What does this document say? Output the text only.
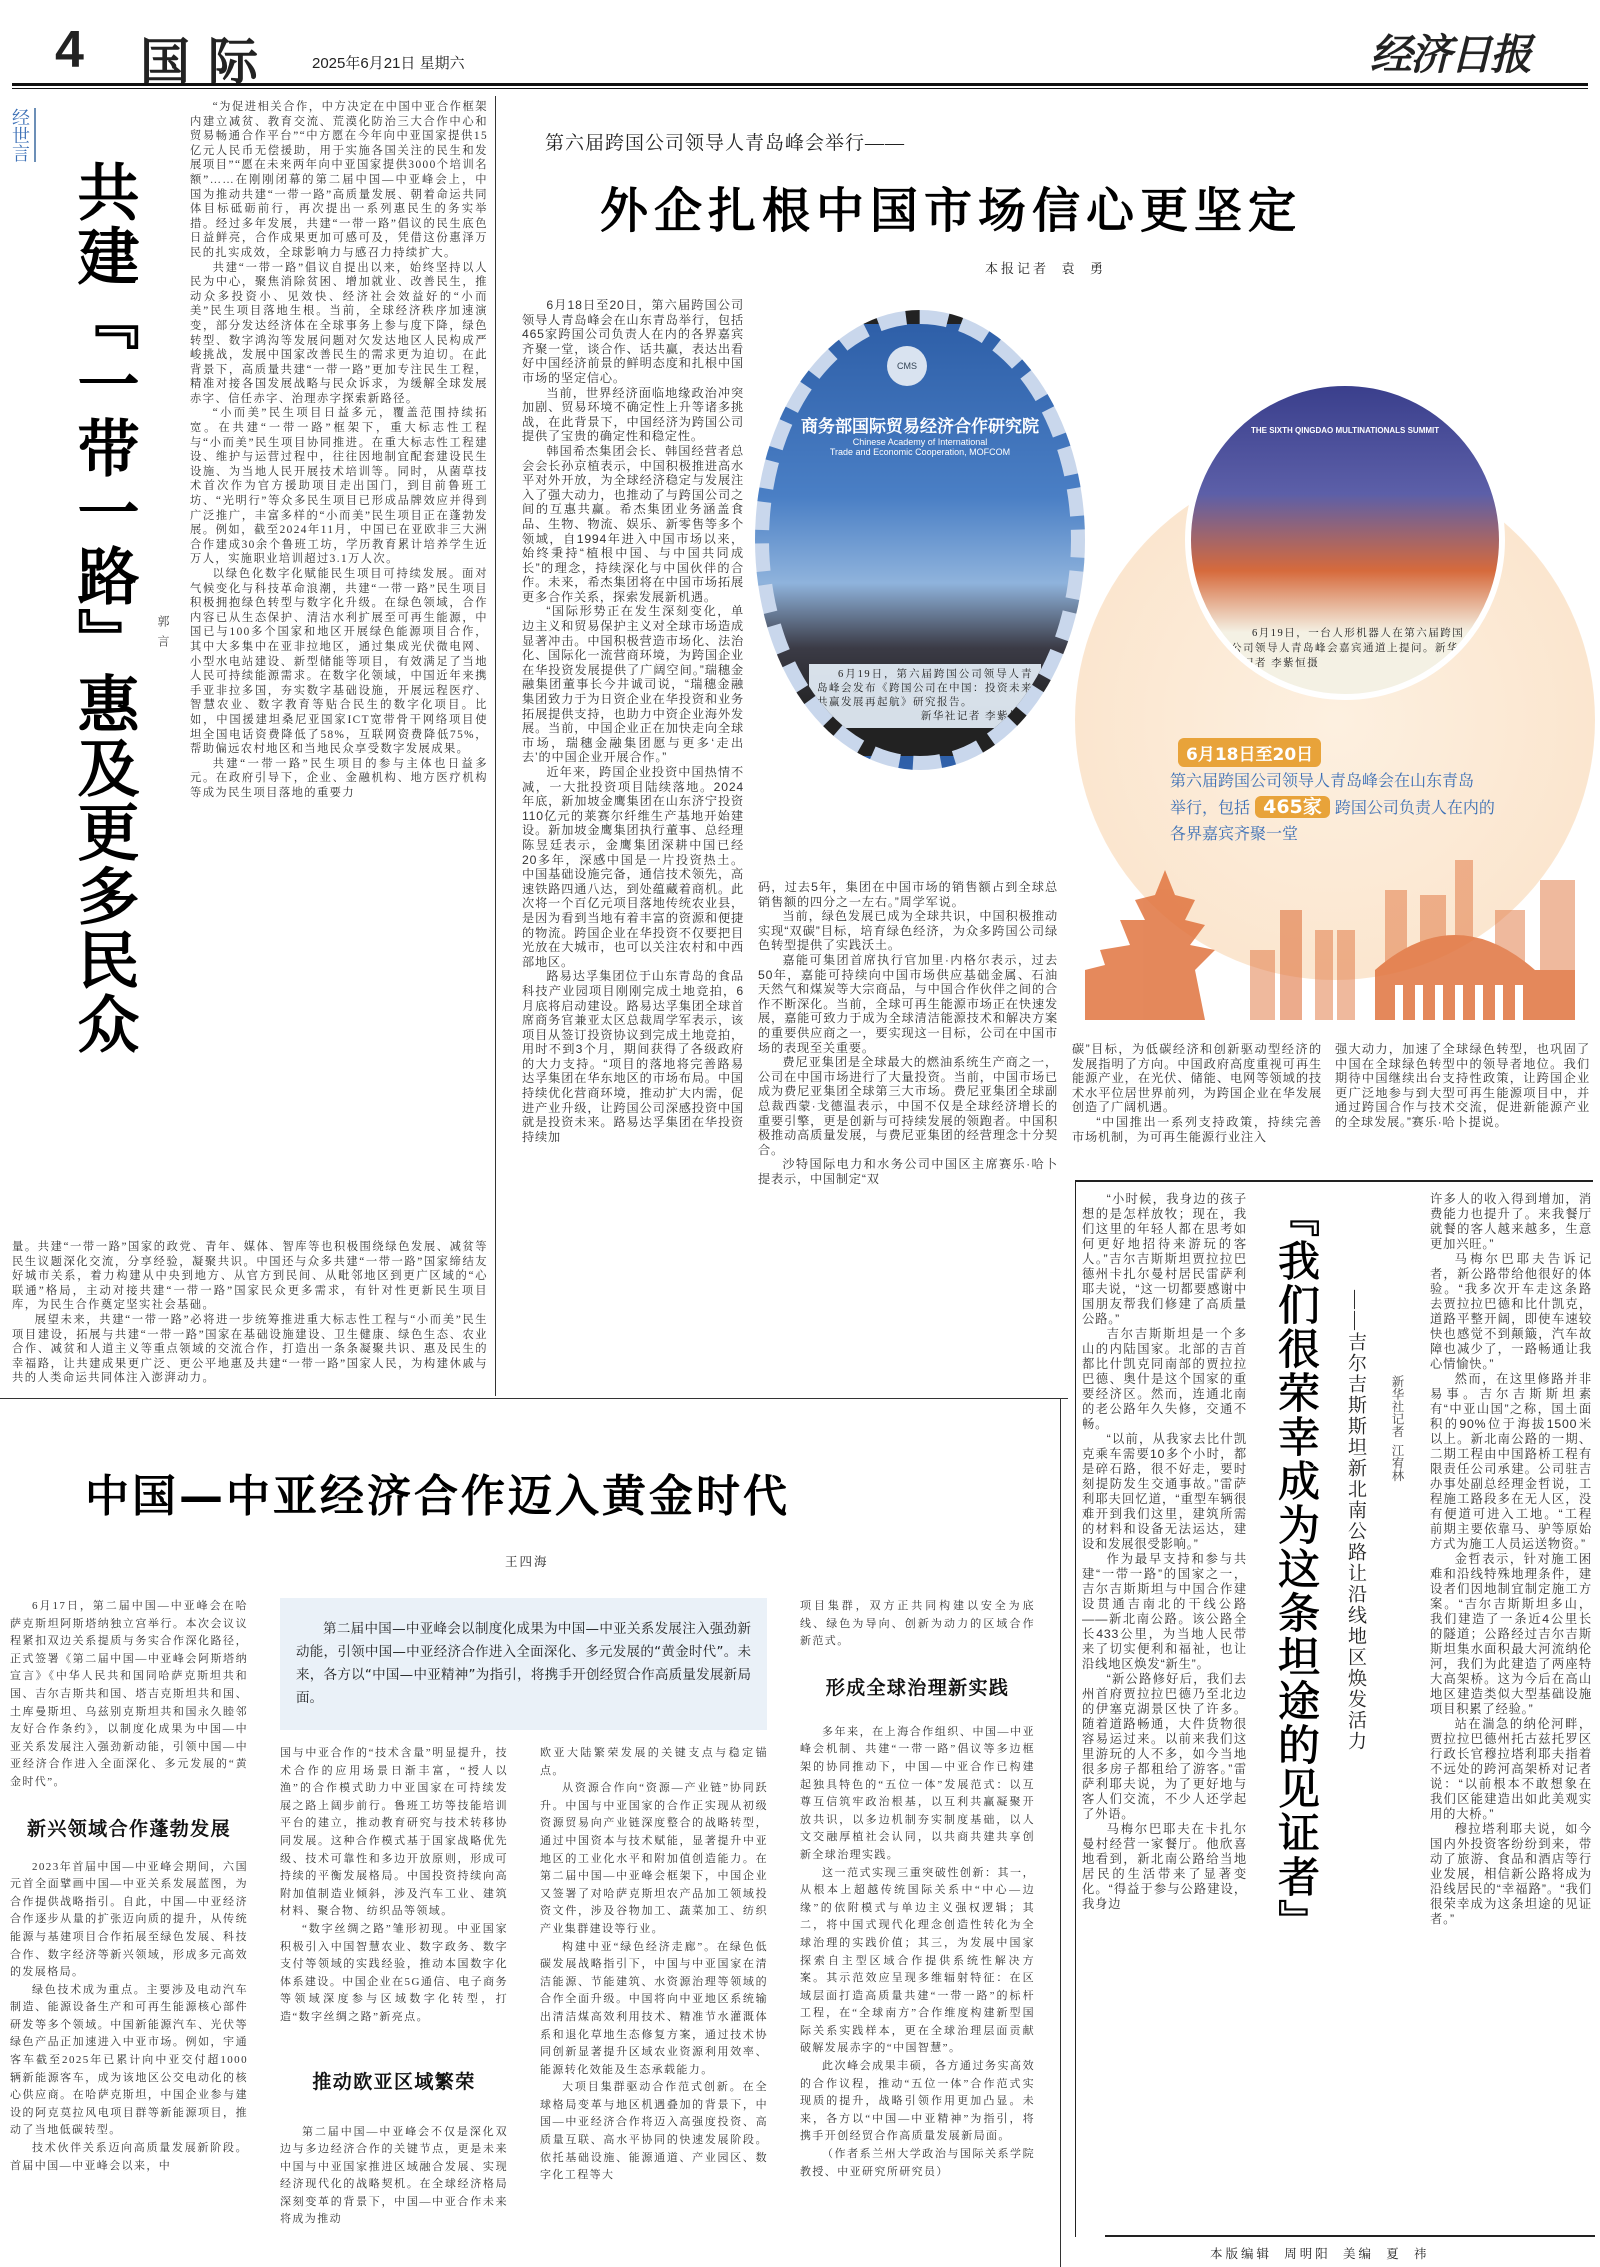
4 国际 2025年6月21日 星期六	经济日报
经世言
共建『一带一路』惠及更多民众 郭言

“为促进相关合作，中方决定在中国中亚合作框架内建立减贫、教育交流、荒漠化防治三大合作中心和贸易畅通合作平台”“中方愿在今年向中亚国家提供15亿元人民币无偿援助，用于实施各国关注的民生和发展项目”“愿在未来两年向中亚国家提供3000个培训名额”……在刚刚闭幕的第二届中国—中亚峰会上，中国为推动共建“一带一路”高质量发展、朝着命运共同体目标砥砺前行，再次提出一系列惠民生的务实举措。经过多年发展，共建“一带一路”倡议的民生底色日益鲜亮，合作成果更加可感可及，凭借这份惠泽万民的扎实成效，全球影响力与感召力持续扩大。

共建“一带一路”倡议自提出以来，始终坚持以人民为中心，聚焦消除贫困、增加就业、改善民生，推动众多投资小、见效快、经济社会效益好的“小而美”民生项目落地生根。当前，全球经济秩序加速演变，部分发达经济体在全球事务上参与度下降，绿色转型、数字鸿沟等发展问题对欠发达地区人民构成严峻挑战，发展中国家改善民生的需求更为迫切。在此背景下，高质量共建“一带一路”更加专注民生工程，精准对接各国发展战略与民众诉求，为缓解全球发展赤字、信任赤字、治理赤字探索新路径。

“小而美”民生项目日益多元，覆盖范围持续拓宽。在共建“一带一路”框架下，重大标志性工程与“小而美”民生项目协同推进。在重大标志性工程建设、维护与运营过程中，往往因地制宜配套建设民生设施、为当地人民开展技术培训等。同时，从菌草技术首次作为官方援助项目走出国门，到目前鲁班工坊、“光明行”等众多民生项目已形成品牌效应并得到广泛推广，丰富多样的“小而美”民生项目正在蓬勃发展。例如，截至2024年11月，中国已在亚欧非三大洲合作建成30余个鲁班工坊，学历教育累计培养学生近万人，实施职业培训超过3.1万人次。

以绿色化数字化赋能民生项目可持续发展。面对气候变化与科技革命浪潮，共建“一带一路”民生项目积极拥抱绿色转型与数字化升级。在绿色领域，合作内容已从生态保护、清洁水利扩展至可再生能源，中国已与100多个国家和地区开展绿色能源项目合作，其中大多集中在亚非拉地区，通过集成光伏微电网、小型水电站建设、新型储能等项目，有效满足了当地人民可持续能源需求。在数字化领域，中国近年来携手亚非拉多国，夯实数字基础设施，开展远程医疗、智慧农业、数字教育等贴合民生的数字化项目。比如，中国援建坦桑尼亚国家ICT宽带骨干网络项目使坦全国电话资费降低了58%，互联网资费降低75%，帮助偏远农村地区和当地民众享受数字发展成果。

共建“一带一路”民生项目的参与主体也日益多元。在政府引导下，企业、金融机构、地方医疗机构等成为民生项目落地的重要力

量。共建“一带一路”国家的政党、青年、媒体、智库等也积极围绕绿色发展、减贫等民生议题深化交流，分享经验，凝聚共识。中国还与众多共建“一带一路”国家缔结友好城市关系，着力构建从中央到地方、从官方到民间、从毗邻地区到更广区域的“心联通”格局，主动对接共建“一带一路”国家民众更多需求，有针对性更新民生项目库，为民生合作奠定坚实社会基础。

展望未来，共建“一带一路”必将进一步统筹推进重大标志性工程与“小而美”民生项目建设，拓展与共建“一带一路”国家在基础设施建设、卫生健康、绿色生态、农业合作、减贫和人道主义等重点领域的交流合作，打造出一条条凝聚共识、惠及民生的幸福路，让共建成果更广泛、更公平地惠及共建“一带一路”国家人民，为构建休戚与共的人类命运共同体注入澎湃动力。

第六届跨国公司领导人青岛峰会举行——
外企扎根中国市场信心更坚定
本报记者  袁  勇

6月18日至20日，第六届跨国公司领导人青岛峰会在山东青岛举行，包括465家跨国公司负责人在内的各界嘉宾齐聚一堂，谈合作、话共赢，表达出看好中国经济前景的鲜明态度和扎根中国市场的坚定信心。

当前，世界经济面临地缘政治冲突加剧、贸易环境不确定性上升等诸多挑战，在此背景下，中国经济为跨国公司提供了宝贵的确定性和稳定性。

韩国希杰集团会长、韩国经营者总会会长孙京植表示，中国积极推进高水平对外开放，为全球经济稳定与发展注入了强大动力，也推动了与跨国公司之间的互惠共赢。希杰集团业务涵盖食品、生物、物流、娱乐、新零售等多个领域，自1994年进入中国市场以来，始终秉持“植根中国、与中国共同成长”的理念，持续深化与中国伙伴的合作。未来，希杰集团将在中国市场拓展更多合作关系，探索发展新机遇。

“国际形势正在发生深刻变化，单边主义和贸易保护主义对全球市场造成显著冲击。中国积极营造市场化、法治化、国际化一流营商环境，为跨国企业在华投资发展提供了广阔空间。”瑞穗金融集团董事长今井诚司说，“瑞穗金融集团致力于为日资企业在华投资和业务拓展提供支持，也助力中资企业海外发展。当前，中国企业正在加快走向全球市场，瑞穗金融集团愿与更多‘走出去’的中国企业开展合作。”

近年来，跨国企业投资中国热情不减，一大批投资项目陆续落地。2024年底，新加坡金鹰集团在山东济宁投资110亿元的莱赛尔纤维生产基地开始建设。新加坡金鹰集团执行董事、总经理陈昱廷表示，金鹰集团深耕中国已经20多年，深感中国是一片投资热土。中国基础设施完备，通信技术领先，高速铁路四通八达，到处蕴藏着商机。此次将一个百亿元项目落地传统农业县，是因为看到当地有着丰富的资源和便捷的物流。跨国企业在华投资不仅要把目光放在大城市，也可以关注农村和中西部地区。

路易达孚集团位于山东青岛的食品科技产业园项目刚刚完成土地竞拍，6月底将启动建设。路易达孚集团全球首席商务官兼亚太区总裁周学军表示，该项目从签订投资协议到完成土地竞拍，用时不到3个月，期间获得了各级政府的大力支持。“项目的落地将完善路易达孚集团在华东地区的市场布局。中国持续优化营商环境，推动扩大内需，促进产业升级，让跨国公司深感投资中国就是投资未来。路易达孚集团在华投资持续加

CMS
商务部国际贸易经济合作研究院
Chinese Academy of International
Trade and Economic Cooperation, MOFCOM
6月19日，第六届跨国公司领导人青岛峰会发布《跨国公司在中国：投资未来共赢发展再起航》研究报告。
新华社记者 李紫恒摄
THE SIXTH QINGDAO MULTINATIONALS SUMMIT
6月19日，一台人形机器人在第六届跨国公司领导人青岛峰会嘉宾通道上提问。新华社记者 李紫恒摄
6月18日至20日
第六届跨国公司领导人青岛峰会在山东青岛
举行，包括 465家 跨国公司负责人在内的
各界嘉宾齐聚一堂

码，过去5年，集团在中国市场的销售额占到全球总销售额的四分之一左右。”周学军说。

当前，绿色发展已成为全球共识，中国积极推动实现“双碳”目标，培育绿色经济，为众多跨国公司绿色转型提供了实践沃土。

嘉能可集团首席执行官加里·内格尔表示，过去50年，嘉能可持续向中国市场供应基础金属、石油天然气和煤炭等大宗商品，与中国合作伙伴之间的合作不断深化。当前，全球可再生能源市场正在快速发展，嘉能可致力于成为全球清洁能源技术和解决方案的重要供应商之一，要实现这一目标，公司在中国市场的表现至关重要。

费尼亚集团是全球最大的燃油系统生产商之一，公司在中国市场进行了大量投资。当前，中国市场已成为费尼亚集团全球第三大市场。费尼亚集团全球副总裁西蒙·戈德温表示，中国不仅是全球经济增长的重要引擎，更是创新与可持续发展的领跑者。中国积极推动高质量发展，与费尼亚集团的经营理念十分契合。

沙特国际电力和水务公司中国区主席赛乐·哈卜提表示，中国制定“双

碳”目标，为低碳经济和创新驱动型经济的发展指明了方向。中国政府高度重视可再生能源产业，在光伏、储能、电网等领域的技术水平位居世界前列，为跨国企业在华发展创造了广阔机遇。

“中国推出一系列支持政策，持续完善市场机制，为可再生能源行业注入

强大动力，加速了全球绿色转型，也巩固了中国在全球绿色转型中的领导者地位。我们期待中国继续出台支持性政策，让跨国企业更广泛地参与到大型可再生能源项目中，并通过跨国合作与技术交流，促进新能源产业的全球发展。”赛乐·哈卜提说。

“小时候，我身边的孩子想的是怎样放牧；现在，我们这里的年轻人都在思考如何更好地招待来游玩的客人。”吉尔吉斯斯坦贾拉拉巴德州卡扎尔曼村居民雷萨利耶夫说，“这一切都要感谢中国朋友帮我们修建了高质量公路。”

吉尔吉斯斯坦是一个多山的内陆国家。北部的吉首都比什凯克同南部的贾拉拉巴德、奥什是这个国家的重要经济区。然而，连通北南的老公路年久失修，交通不畅。

“以前，从我家去比什凯克乘车需要10多个小时，都是碎石路，很不好走，要时刻提防发生交通事故。”雷萨利耶夫回忆道，“重型车辆很难开到我们这里，建筑所需的材料和设备无法运达，建设和发展很受影响。”

作为最早支持和参与共建“一带一路”的国家之一，吉尔吉斯斯坦与中国合作建设贯通吉南北的干线公路——新北南公路。该公路全长433公里，为当地人民带来了切实便利和福祉，也让沿线地区焕发“新生”。

“新公路修好后，我们去州首府贾拉拉巴德乃至北边的伊塞克湖景区快了许多。随着道路畅通，大件货物很容易运过来。以前来我们这里游玩的人不多，如今当地很多房子都租给了游客。”雷萨利耶夫说，为了更好地与客人们交流，不少人还学起了外语。

马梅尔巴耶夫在卡扎尔曼村经营一家餐厅。他欣喜地看到，新北南公路给当地居民的生活带来了显著变化。“得益于参与公路建设，我身边	『我们很荣幸成为这条坦途的见证者』 ——吉尔吉斯斯坦新北南公路让沿线地区焕发活力 新华社记者  江宥林

许多人的收入得到增加，消费能力也提升了。来我餐厅就餐的客人越来越多，生意更加兴旺。”

马梅尔巴耶夫告诉记者，新公路带给他很好的体验。“我多次开车走这条路去贾拉拉巴德和比什凯克，道路平整开阔，即使车速较快也感觉不到颠簸，汽车故障也减少了，一路畅通让我心情愉快。”

然而，在这里修路并非易事。吉尔吉斯斯坦素有“中亚山国”之称，国土面积的90%位于海拔1500米以上。新北南公路的一期、二期工程由中国路桥工程有限责任公司承建。公司驻吉办事处副总经理金哲说，工程施工路段多在无人区，没有便道可进入工地。“工程前期主要依靠马、驴等原始方式为施工人员运送物资。”

金哲表示，针对施工困难和沿线特殊地理条件，建设者们因地制宜制定施工方案。“吉尔吉斯斯坦多山，我们建造了一条近4公里长的隧道；公路经过吉尔吉斯斯坦集水面积最大河流纳伦河，我们为此建造了两座特大高架桥。这为今后在高山地区建造类似大型基础设施项目积累了经验。”

站在湍急的纳伦河畔，贾拉拉巴德州托古兹托罗区行政长官穆拉塔利耶夫指着不远处的跨河高架桥对记者说：“以前根本不敢想象在我们区能建造出如此美观实用的大桥。”

穆拉塔利耶夫说，如今国内外投资客纷纷到来，带动了旅游、食品和酒店等行业发展，相信新公路将成为沿线居民的“幸福路”。“我们很荣幸成为这条坦途的见证者。”

本版编辑  周明阳  美编  夏  祎
中国—中亚经济合作迈入黄金时代
王四海

第二届中国—中亚峰会以制度化成果为中国—中亚关系发展注入强劲新动能，引领中国—中亚经济合作进入全面深化、多元发展的“黄金时代”。未来，各方以“中国—中亚精神”为指引，将携手开创经贸合作高质量发展新局面。

6月17日，第二届中国—中亚峰会在哈萨克斯坦阿斯塔纳独立宫举行。本次会议议程紧扣双边关系提质与务实合作深化路径，正式签署《第二届中国—中亚峰会阿斯塔纳宣言》《中华人民共和国同哈萨克斯坦共和国、吉尔吉斯共和国、塔吉克斯坦共和国、土库曼斯坦、乌兹别克斯坦共和国永久睦邻友好合作条约》，以制度化成果为中国—中亚关系发展注入强劲新动能，引领中国—中亚经济合作进入全面深化、多元发展的“黄金时代”。

新兴领域合作蓬勃发展

2023年首届中国—中亚峰会期间，六国元首全面擘画中国—中亚关系发展蓝图，为合作提供战略指引。自此，中国—中亚经济合作逐步从量的扩张迈向质的提升，从传统能源与基建项目合作拓展至绿色发展、科技合作、数字经济等新兴领域，形成多元高效的发展格局。

绿色技术成为重点。主要涉及电动汽车制造、能源设备生产和可再生能源核心部件研发等多个领域。中国新能源汽车、光伏等绿色产品正加速进入中亚市场。例如，宇通客车截至2025年已累计向中亚交付超1000辆新能源客车，成为该地区公交电动化的核心供应商。在哈萨克斯坦，中国企业参与建设的阿克莫拉风电项目群等新能源项目，推动了当地低碳转型。

技术伙伴关系迈向高质量发展新阶段。首届中国—中亚峰会以来，中

国与中亚合作的“技术含量”明显提升，技术合作的应用场景日渐丰富，“授人以渔”的合作模式助力中亚国家在可持续发展之路上阔步前行。鲁班工坊等技能培训平台的建立，推动教育研究与技术转移协同发展。这种合作模式基于国家战略优先级、技术可靠性和多边开放原则，形成可持续的平衡发展格局。中国投资持续向高附加值制造业倾斜，涉及汽车工业、建筑材料、聚合物、纺织品等领域。

“数字丝绸之路”雏形初现。中亚国家积极引入中国智慧农业、数字政务、数字支付等领域的实践经验，推动本国数字化体系建设。中国企业在5G通信、电子商务等领域深度参与区域数字化转型，打造“数字丝绸之路”新亮点。

推动欧亚区域繁荣

第二届中国—中亚峰会不仅是深化双边与多边经济合作的关键节点，更是未来中国与中亚国家推进区域融合发展、实现经济现代化的战略契机。在全球经济格局深刻变革的背景下，中国—中亚合作未来将成为推动

欧亚大陆繁荣发展的关键支点与稳定锚点。

从资源合作向“资源—产业链”协同跃升。中国与中亚国家的合作正实现从初级资源贸易向产业链深度整合的战略转型，通过中国资本与技术赋能，显著提升中亚地区的工业化水平和附加值创造能力。在第二届中国—中亚峰会框架下，中国企业又签署了对哈萨克斯坦农产品加工领域投资文件，涉及谷物加工、蔬菜加工、纺织产业集群建设等行业。

构建中亚“绿色经济走廊”。在绿色低碳发展战略指引下，中国与中亚国家在清洁能源、节能建筑、水资源治理等领域的合作全面升级。中国将向中亚地区系统输出清洁煤高效利用技术、精准节水灌溉体系和退化草地生态修复方案，通过技术协同创新显著提升区域农业资源利用效率、能源转化效能及生态承载能力。

大项目集群驱动合作范式创新。在全球格局变革与地区机遇叠加的背景下，中国—中亚经济合作将迈入高强度投资、高质量互联、高水平协同的快速发展阶段。依托基础设施、能源通道、产业园区、数字化工程等大

项目集群，双方正共同构建以安全为底线、绿色为导向、创新为动力的区域合作新范式。

形成全球治理新实践

多年来，在上海合作组织、中国—中亚峰会机制、共建“一带一路”倡议等多边框架的协同推动下，中国—中亚合作已构建起独具特色的“五位一体”发展范式：以互尊互信筑牢政治根基，以互利共赢凝聚开放共识，以多边机制夯实制度基础，以人文交融厚植社会认同，以共商共建共享创新全球治理实践。

这一范式实现三重突破性创新：其一，从根本上超越传统国际关系中“中心—边缘”的依附模式与单边主义强权逻辑；其二，将中国式现代化理念创造性转化为全球治理的实践价值；其三，为发展中国家探索自主型区域合作提供系统性解决方案。其示范效应呈现多维辐射特征：在区域层面打造高质量共建“一带一路”的标杆工程，在“全球南方”合作维度构建新型国际关系实践样本，更在全球治理层面贡献破解发展赤字的“中国智慧”。

此次峰会成果丰硕，各方通过务实高效的合作议程，推动“五位一体”合作范式实现质的提升，战略引领作用更加凸显。未来，各方以“中国—中亚精神”为指引，将携手开创经贸合作高质量发展新局面。

（作者系兰州大学政治与国际关系学院教授、中亚研究所研究员）
